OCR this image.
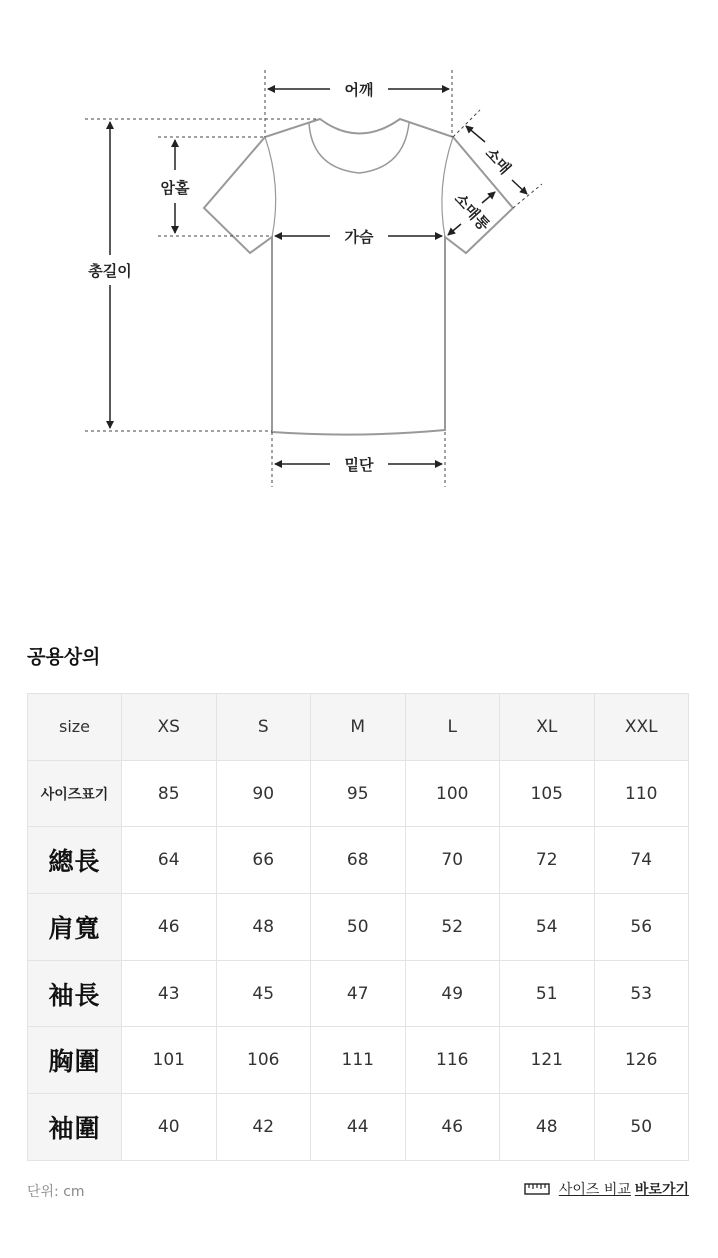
어깨
총길이
암홀
가슴
밑단
소매
소매통
공용상의
size	XS	S	M	L	XL	XXL
사이즈표기	85	90	95	100	105	110
總長	64	66	68	70	72	74
肩寬	46	48	50	52	54	56
袖長	43	45	47	49	51	53
胸圍	101	106	111	116	121	126
袖圍	40	42	44	46	48	50
단위: cm	사이즈 비교 바로가기
